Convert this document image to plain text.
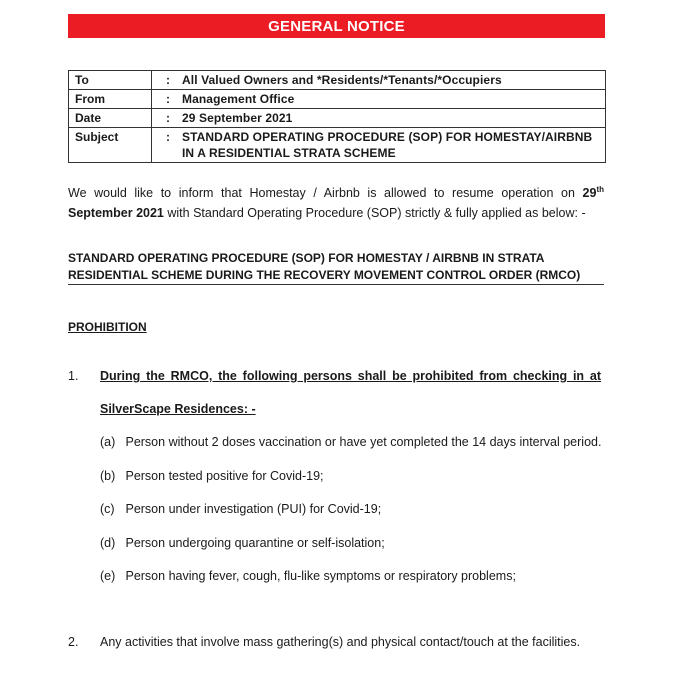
GENERAL NOTICE
To	:	All Valued Owners and *Residents/*Tenants/*Occupiers
From	:	Management Office
Date	:	29 September 2021
Subject	:	STANDARD OPERATING PROCEDURE (SOP) FOR HOMESTAY/AIRBNB IN A RESIDENTIAL STRATA SCHEME
We would like to inform that Homestay / Airbnb is allowed to resume operation on 29th September 2021 with Standard Operating Procedure (SOP) strictly & fully applied as below: -
STANDARD OPERATING PROCEDURE (SOP) FOR HOMESTAY / AIRBNB IN STRATA RESIDENTIAL SCHEME DURING THE RECOVERY MOVEMENT CONTROL ORDER (RMCO)
PROHIBITION
1. During the RMCO, the following persons shall be prohibited from checking in at
SilverScape Residences: -
(a) Person without 2 doses vaccination or have yet completed the 14 days interval period.
(b) Person tested positive for Covid-19;
(c) Person under investigation (PUI) for Covid-19;
(d) Person undergoing quarantine or self-isolation;
(e) Person having fever, cough, flu-like symptoms or respiratory problems;
2. Any activities that involve mass gathering(s) and physical contact/touch at the facilities.
